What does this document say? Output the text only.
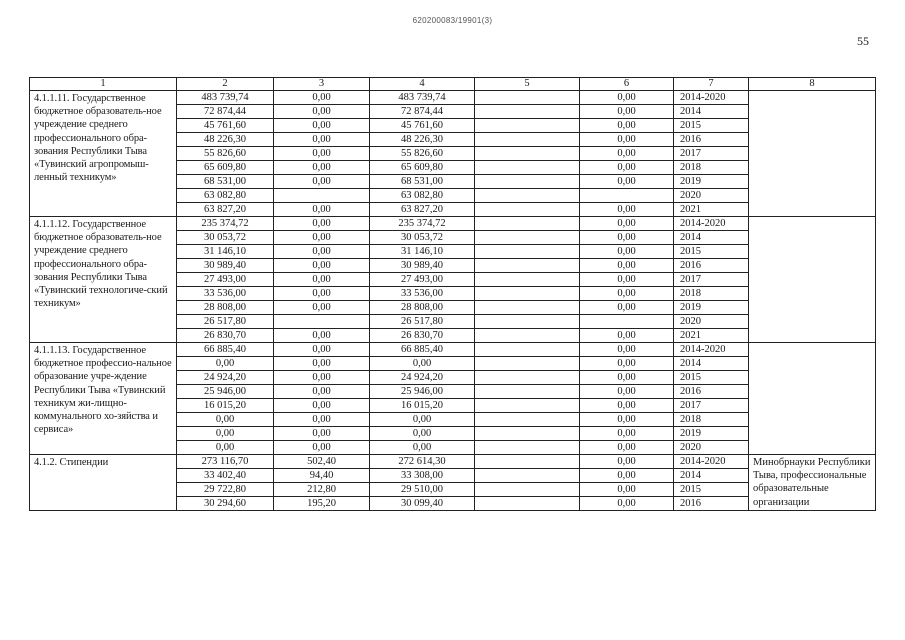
620200083/19901(3)
55
1	2	3	4	5	6	7	8
4.1.1.11. Государственное бюджетное образователь-ное учреждение среднего профессионального обра-зования Республики Тыва «Тувинский агропромыш-ленный техникум»	483 739,74	0,00	483 739,74		0,00	2014-2020	
	72 874,44	0,00	72 874,44		0,00	2014	
	45 761,60	0,00	45 761,60		0,00	2015	
	48 226,30	0,00	48 226,30		0,00	2016	
	55 826,60	0,00	55 826,60		0,00	2017	
	65 609,80	0,00	65 609,80		0,00	2018	
	68 531,00	0,00	68 531,00		0,00	2019	
	63 082,80		63 082,80			2020	
	63 827,20	0,00	63 827,20		0,00	2021	
4.1.1.12. Государственное бюджетное образователь-ное учреждение среднего профессионального обра-зования Республики Тыва «Тувинский технологиче-ский техникум»	235 374,72	0,00	235 374,72		0,00	2014-2020	
	30 053,72	0,00	30 053,72		0,00	2014	
	31 146,10	0,00	31 146,10		0,00	2015	
	30 989,40	0,00	30 989,40		0,00	2016	
	27 493,00	0,00	27 493,00		0,00	2017	
	33 536,00	0,00	33 536,00		0,00	2018	
	28 808,00	0,00	28 808,00		0,00	2019	
	26 517,80		26 517,80			2020	
	26 830,70	0,00	26 830,70		0,00	2021	
4.1.1.13. Государственное бюджетное профессио-нальное образование учре-ждение Республики Тыва «Тувинский техникум жи-лищно-коммунального хо-зяйства и сервиса»	66 885,40	0,00	66 885,40		0,00	2014-2020	
	0,00	0,00	0,00		0,00	2014	
	24 924,20	0,00	24 924,20		0,00	2015	
	25 946,00	0,00	25 946,00		0,00	2016	
	16 015,20	0,00	16 015,20		0,00	2017	
	0,00	0,00	0,00		0,00	2018	
	0,00	0,00	0,00		0,00	2019	
	0,00	0,00	0,00		0,00	2020	
4.1.2. Стипендии	273 116,70	502,40	272 614,30		0,00	2014-2020	Минобрнауки Республики Тыва, профессиональные образовательные организации
	33 402,40	94,40	33 308,00		0,00	2014	
	29 722,80	212,80	29 510,00		0,00	2015	
	30 294,60	195,20	30 099,40		0,00	2016	
